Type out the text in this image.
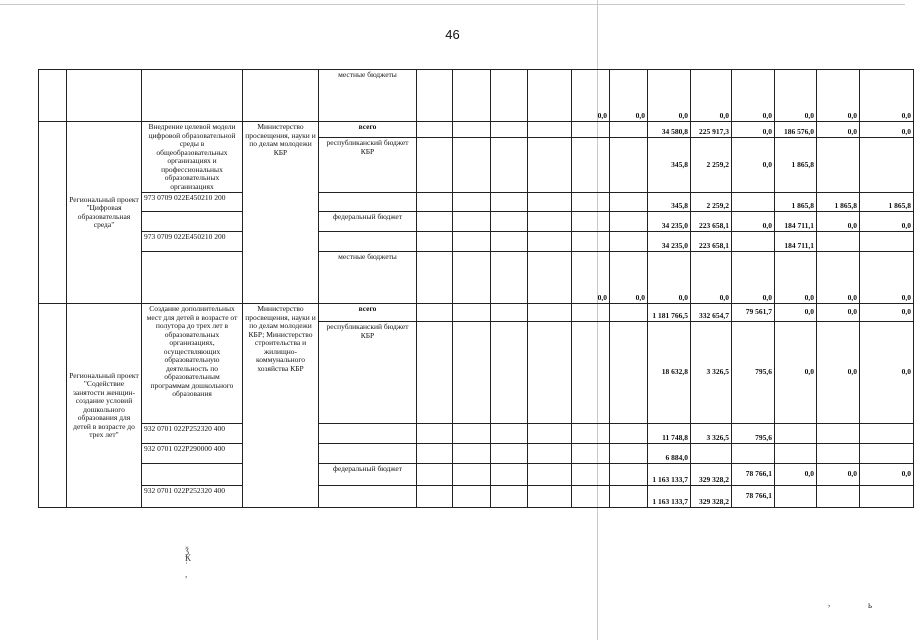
46
,	ь
ǯ
Ҟ
˙
,
				местные бюджеты					0,0	0,0	0,0	0,0	0,0	0,0	0,0	0,0
	Региональный проект "Цифровая образовательная среда"	Внедрение целевой модели цифровой образовательной среды в общеобразовательных организациях и профессиональных образовательных организациях	Министерство просвещения, науки и по делам молодежи КБР	всего							34 580,8	225 917,3	0,0	186 576,0	0,0	0,0
				республиканский бюджет КБР							345,8	2 259,2	0,0	1 865,8		
		973 0709 022E450210 200									345,8	2 259,2		1 865,8	1 865,8	1 865,8
				федеральный бюджет							34 235,0	223 658,1	0,0	184 711,1	0,0	0,0
		973 0709 022E450210 200									34 235,0	223 658,1		184 711,1		
				местные бюджеты					0,0	0,0	0,0	0,0	0,0	0,0	0,0	0,0
	Региональный проект "Содействие занятости женщин-создание условий дошкольного образования для детей в возрасте до трех лет"	Создание дополнительных мест для детей в возрасте от полутора до трех лет в образовательных организациях, осуществляющих образовательную деятельность по образовательным программам дошкольного образования	Министерство просвещения, науки и по делам молодежи КБР; Министерство строительства и жилищно-коммунального хозяйства КБР	всего							1 181 766,5	332 654,7	79 561,7	0,0	0,0	0,0
				республиканский бюджет КБР							18 632,8	3 326,5	795,6	0,0	0,0	0,0
		932 0701 022P252320 400									11 748,8	3 326,5	795,6			
		932 0701 022P290000 400									6 884,0					
				федеральный бюджет							1 163 133,7	329 328,2	78 766,1	0,0	0,0	0,0
		932 0701 022P252320 400									1 163 133,7	329 328,2	78 766,1			
